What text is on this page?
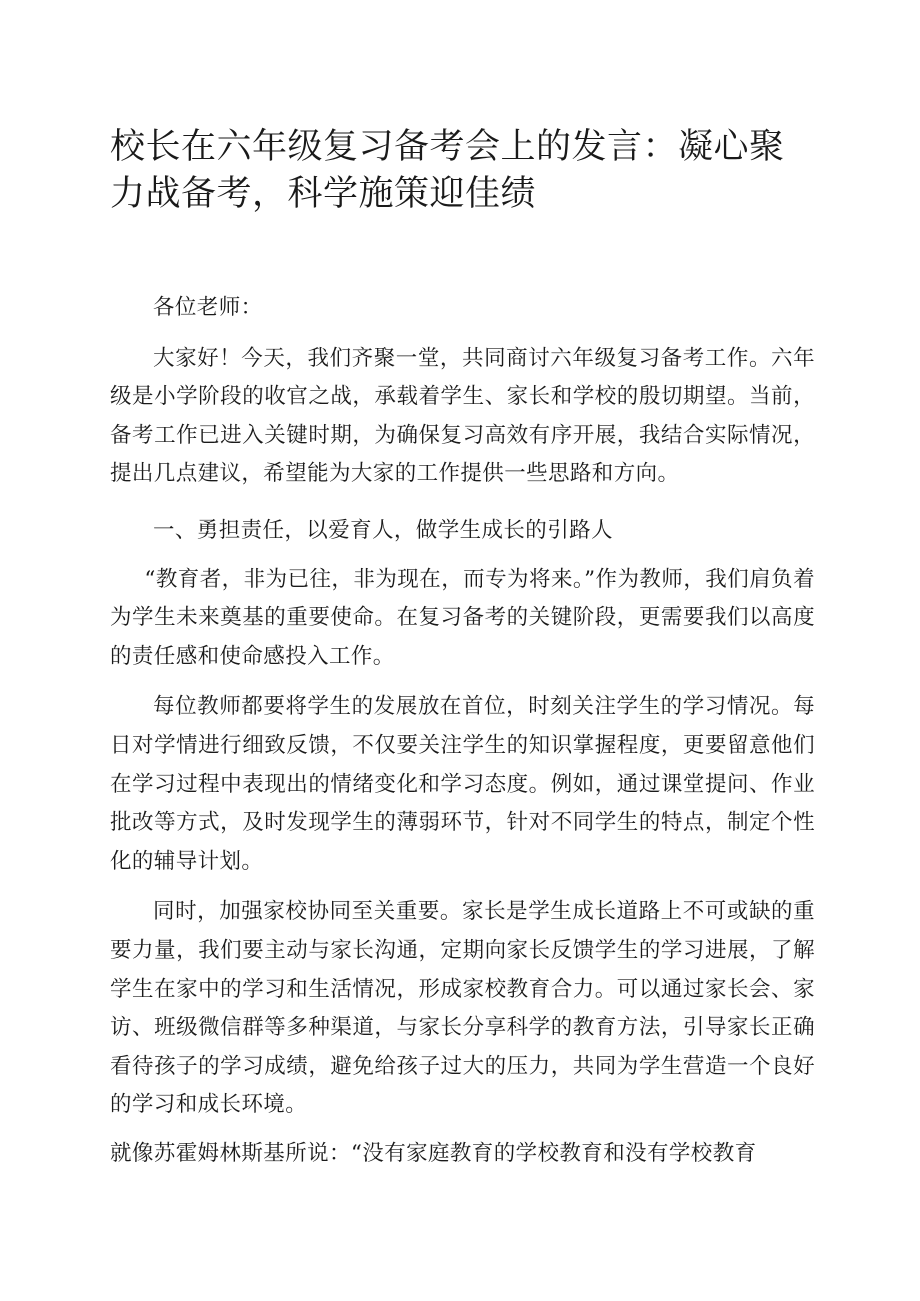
校长在六年级复习备考会上的发言：凝心聚力战备考，科学施策迎佳绩

各位老师：

大家好！今天，我们齐聚一堂，共同商讨六年级复习备考工作。六年级是小学阶段的收官之战，承载着学生、家长和学校的殷切期望。当前，备考工作已进入关键时期，为确保复习高效有序开展，我结合实际情况，提出几点建议，希望能为大家的工作提供一些思路和方向。

一、勇担责任，以爱育人，做学生成长的引路人

“教育者，非为已往，非为现在，而专为将来。”作为教师，我们肩负着为学生未来奠基的重要使命。在复习备考的关键阶段，更需要我们以高度的责任感和使命感投入工作。

每位教师都要将学生的发展放在首位，时刻关注学生的学习情况。每日对学情进行细致反馈，不仅要关注学生的知识掌握程度，更要留意他们在学习过程中表现出的情绪变化和学习态度。例如，通过课堂提问、作业批改等方式，及时发现学生的薄弱环节，针对不同学生的特点，制定个性化的辅导计划。

同时，加强家校协同至关重要。家长是学生成长道路上不可或缺的重要力量，我们要主动与家长沟通，定期向家长反馈学生的学习进展，了解学生在家中的学习和生活情况，形成家校教育合力。可以通过家长会、家访、班级微信群等多种渠道，与家长分享科学的教育方法，引导家长正确看待孩子的学习成绩，避免给孩子过大的压力，共同为学生营造一个良好的学习和成长环境。

就像苏霍姆林斯基所说：“没有家庭教育的学校教育和没有学校教育
